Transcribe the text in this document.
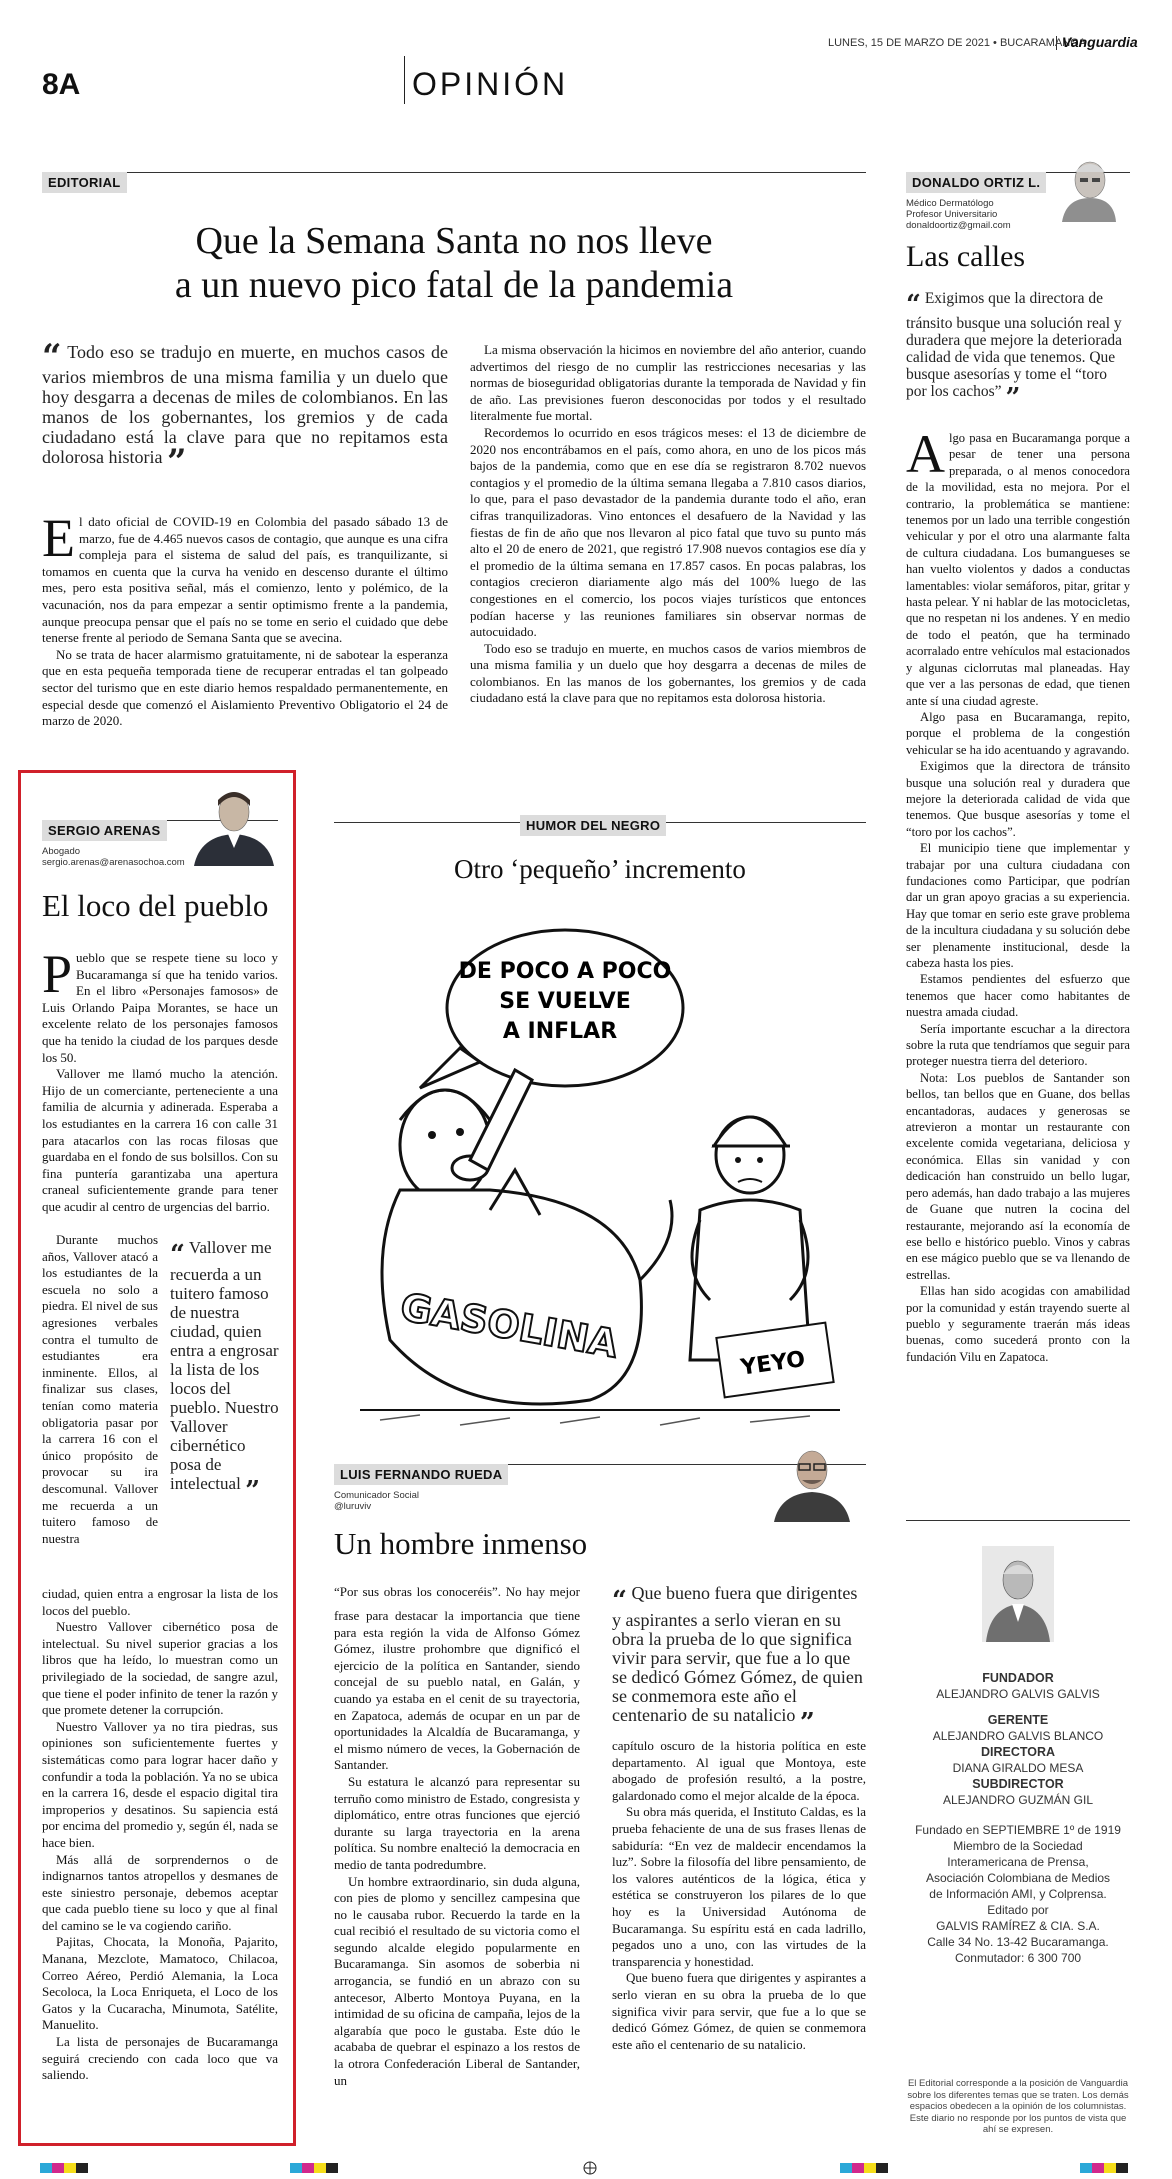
8A	OPINIÓN
LUNES, 15 DE MARZO DE 2021 • BUCARAMANGA
Vanguardia
EDITORIAL
Que la Semana Santa no nos lleve
a un nuevo pico fatal de la pandemia
“ Todo eso se tradujo en muerte, en muchos casos de varios miembros de una misma familia y un duelo que hoy desgarra a decenas de miles de colombianos. En las manos de los gobernantes, los gremios y de cada ciudadano está la clave para que no repitamos esta dolorosa historia ”

El dato oficial de COVID-19 en Colombia del pasado sábado 13 de marzo, fue de 4.465 nuevos casos de contagio, que aunque es una cifra compleja para el sistema de salud del país, es tranquilizante, si tomamos en cuenta que la curva ha venido en descenso durante el último mes, pero esta positiva señal, más el comienzo, lento y polémico, de la vacunación, nos da para empezar a sentir optimismo frente a la pandemia, aunque preocupa pensar que el país no se tome en serio el cuidado que debe tenerse frente al periodo de Semana Santa que se avecina.

No se trata de hacer alarmismo gratuitamente, ni de sabotear la esperanza que en esta pequeña temporada tiene de recuperar entradas el tan golpeado sector del turismo que en este diario hemos respaldado permanentemente, en especial desde que comenzó el Aislamiento Preventivo Obligatorio el 24 de marzo de 2020.

La misma observación la hicimos en noviembre del año anterior, cuando advertimos del riesgo de no cumplir las restricciones necesarias y las normas de bioseguridad obligatorias durante la temporada de Navidad y fin de año. Las previsiones fueron desconocidas por todos y el resultado literalmente fue mortal.

Recordemos lo ocurrido en esos trágicos meses: el 13 de diciembre de 2020 nos encontrábamos en el país, como ahora, en uno de los picos más bajos de la pandemia, como que en ese día se registraron 8.702 nuevos contagios y el promedio de la última semana llegaba a 7.810 casos diarios, lo que, para el paso devastador de la pandemia durante todo el año, eran cifras tranquilizadoras. Vino entonces el desafuero de la Navidad y las fiestas de fin de año que nos llevaron al pico fatal que tuvo su punto más alto el 20 de enero de 2021, que registró 17.908 nuevos contagios ese día y el promedio de la última semana en 17.857 casos. En pocas palabras, los contagios crecieron diariamente algo más del 100% luego de las congestiones en el comercio, los pocos viajes turísticos que entonces podían hacerse y las reuniones familiares sin observar normas de autocuidado.

Todo eso se tradujo en muerte, en muchos casos de varios miembros de una misma familia y un duelo que hoy desgarra a decenas de miles de colombianos. En las manos de los gobernantes, los gremios y de cada ciudadano está la clave para que no repitamos esta dolorosa historia.

DONALDO ORTIZ L.
Médico Dermatólogo
Profesor Universitario
donaldoortiz@gmail.com
Las calles
“ Exigimos que la directora de tránsito busque una solución real y duradera que mejore la deteriorada calidad de vida que tenemos. Que busque asesorías y tome el “toro por los cachos” ”

Algo pasa en Bucaramanga porque a pesar de tener una persona preparada, o al menos conocedora de la movilidad, esta no mejora. Por el contrario, la problemática se mantiene: tenemos por un lado una terrible congestión vehicular y por el otro una alarmante falta de cultura ciudadana. Los bumangueses se han vuelto violentos y dados a conductas lamentables: violar semáforos, pitar, gritar y hasta pelear. Y ni hablar de las motocicletas, que no respetan ni los andenes. Y en medio de todo el peatón, que ha terminado acorralado entre vehículos mal estacionados y algunas ciclorrutas mal planeadas. Hay que ver a las personas de edad, que tienen ante sí una ciudad agreste.

Algo pasa en Bucaramanga, repito, porque el problema de la congestión vehicular se ha ido acentuando y agravando.

Exigimos que la directora de tránsito busque una solución real y duradera que mejore la deteriorada calidad de vida que tenemos. Que busque asesorías y tome el “toro por los cachos”.

El municipio tiene que implementar y trabajar por una cultura ciudadana con fundaciones como Participar, que podrían dar un gran apoyo gracias a su experiencia. Hay que tomar en serio este grave problema de la incultura ciudadana y su solución debe ser plenamente institucional, desde la cabeza hasta los pies.

Estamos pendientes del esfuerzo que tenemos que hacer como habitantes de nuestra amada ciudad.

Sería importante escuchar a la directora sobre la ruta que tendríamos que seguir para proteger nuestra tierra del deterioro.

Nota: Los pueblos de Santander son bellos, tan bellos que en Guane, dos bellas encantadoras, audaces y generosas se atrevieron a montar un restaurante con excelente comida vegetariana, deliciosa y económica. Ellas sin vanidad y con dedicación han construido un bello lugar, pero además, han dado trabajo a las mujeres de Guane que nutren la cocina del restaurante, mejorando así la economía de ese bello e histórico pueblo. Vinos y cabras en ese mágico pueblo que se va llenando de estrellas.

Ellas han sido acogidas con amabilidad por la comunidad y están trayendo suerte al pueblo y seguramente traerán más ideas buenas, como sucederá pronto con la fundación Vilu en Zapatoca.

SERGIO ARENAS
Abogado
sergio.arenas@arenasochoa.com
El loco del pueblo

Pueblo que se respete tiene su loco y Bucaramanga sí que ha tenido varios. En el libro «Personajes famosos» de Luis Orlando Paipa Morantes, se hace un excelente relato de los personajes famosos que ha tenido la ciudad de los parques desde los 50.

Vallover me llamó mucho la atención. Hijo de un comerciante, perteneciente a una familia de alcurnia y adinerada. Esperaba a los estudiantes en la carrera 16 con calle 31 para atacarlos con las rocas filosas que guardaba en el fondo de sus bolsillos. Con su fina puntería garantizaba una apertura craneal suficientemente grande para tener que acudir al centro de urgencias del barrio.

Durante muchos años, Vallover atacó a los estudiantes de la escuela no solo a piedra. El nivel de sus agresiones verbales contra el tumulto de estudiantes era inminente. Ellos, al finalizar sus clases, tenían como materia obligatoria pasar por la carrera 16 con el único propósito de provocar su ira descomunal. Vallover me recuerda a un tuitero famoso de nuestra

“ Vallover me recuerda a un tuitero famoso de nuestra ciudad, quien entra a engrosar la lista de los locos del pueblo. Nuestro Vallover cibernético posa de intelectual ”

ciudad, quien entra a engrosar la lista de los locos del pueblo.

Nuestro Vallover cibernético posa de intelectual. Su nivel superior gracias a los libros que ha leído, lo muestran como un privilegiado de la sociedad, de sangre azul, que tiene el poder infinito de tener la razón y que promete detener la corrupción.

Nuestro Vallover ya no tira piedras, sus opiniones son suficientemente fuertes y sistemáticas como para lograr hacer daño y confundir a toda la población. Ya no se ubica en la carrera 16, desde el espacio digital tira improperios y desatinos. Su sapiencia está por encima del promedio y, según él, nada se hace bien.

Más allá de sorprendernos o de indignarnos tantos atropellos y desmanes de este siniestro personaje, debemos aceptar que cada pueblo tiene su loco y que al final del camino se le va cogiendo cariño.

Pajitas, Chocata, la Monoña, Pajarito, Manana, Mezclote, Mamatoco, Chilacoa, Correo Aéreo, Perdió Alemania, la Loca Secoloca, la Loca Enriqueta, el Loco de los Gatos y la Cucaracha, Minumota, Satélite, Manuelito.

La lista de personajes de Bucaramanga seguirá creciendo con cada loco que va saliendo.

HUMOR DEL NEGRO
Otro ‘pequeño’ incremento
DE POCO A POCO
SE VUELVE
A INFLAR
GASOLINA	YEYO
LUIS FERNANDO RUEDA
Comunicador Social
@luruviv
Un hombre inmenso

“Por sus obras los conoceréis”. No hay mejor frase para destacar la importancia que tiene para esta región la vida de Alfonso Gómez Gómez, ilustre prohombre que dignificó el ejercicio de la política en Santander, siendo concejal de su pueblo natal, en Galán, y cuando ya estaba en el cenit de su trayectoria, en Zapatoca, además de ocupar en un par de oportunidades la Alcaldía de Bucaramanga, y el mismo número de veces, la Gobernación de Santander.

Su estatura le alcanzó para representar su terruño como ministro de Estado, congresista y diplomático, entre otras funciones que ejerció durante su larga trayectoria en la arena política. Su nombre enalteció la democracia en medio de tanta podredumbre.

Un hombre extraordinario, sin duda alguna, con pies de plomo y sencillez campesina que no le causaba rubor. Recuerdo la tarde en la cual recibió el resultado de su victoria como el segundo alcalde elegido popularmente en Bucaramanga. Sin asomos de soberbia ni arrogancia, se fundió en un abrazo con su antecesor, Alberto Montoya Puyana, en la intimidad de su oficina de campaña, lejos de la algarabía que poco le gustaba. Este dúo le acababa de quebrar el espinazo a los restos de la otrora Confederación Liberal de Santander, un

“ Que bueno fuera que dirigentes y aspirantes a serlo vieran en su obra la prueba de lo que significa vivir para servir, que fue a lo que se dedicó Gómez Gómez, de quien se conmemora este año el centenario de su natalicio ”

capítulo oscuro de la historia política en este departamento. Al igual que Montoya, este abogado de profesión resultó, a la postre, galardonado como el mejor alcalde de la época.

Su obra más querida, el Instituto Caldas, es la prueba fehaciente de una de sus frases llenas de sabiduría: “En vez de maldecir encendamos la luz”. Sobre la filosofía del libre pensamiento, de los valores auténticos de la lógica, ética y estética se construyeron los pilares de lo que hoy es la Universidad Autónoma de Bucaramanga. Su espíritu está en cada ladrillo, pegados uno a uno, con las virtudes de la transparencia y honestidad.

Que bueno fuera que dirigentes y aspirantes a serlo vieran en su obra la prueba de lo que significa vivir para servir, que fue a lo que se dedicó Gómez Gómez, de quien se conmemora este año el centenario de su natalicio.

FUNDADOR
ALEJANDRO GALVIS GALVIS
GERENTE
ALEJANDRO GALVIS BLANCO
DIRECTORA
DIANA GIRALDO MESA
SUBDIRECTOR
ALEJANDRO GUZMÁN GIL
Fundado en SEPTIEMBRE 1º de 1919
Miembro de la Sociedad
Interamericana de Prensa,
Asociación Colombiana de Medios
de Información AMI, y Colprensa.
Editado por
GALVIS RAMÍREZ & CIA. S.A.
Calle 34 No. 13-42 Bucaramanga.
Conmutador: 6 300 700
El Editorial corresponde a la posición de Vanguardia sobre los diferentes temas que se traten. Los demás espacios obedecen a la opinión de los columnistas. Este diario no responde por los puntos de vista que ahí se expresen.
